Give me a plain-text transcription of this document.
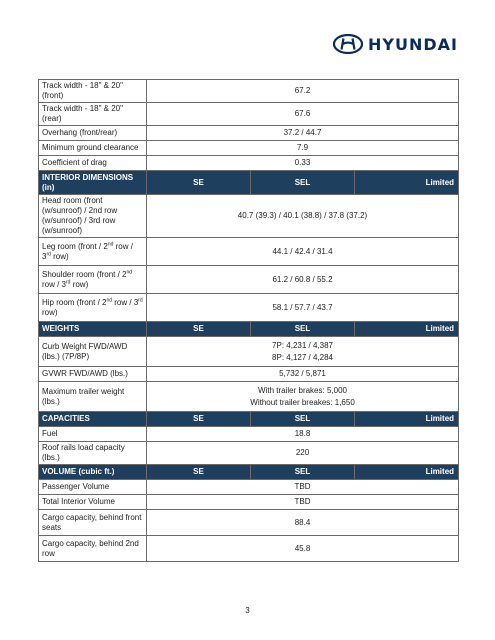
HYUNDAI
Track width - 18" & 20" (front)	67.2		
Track width - 18" & 20" (rear)	67.6		
Overhang (front/rear)	37.2 / 44.7		
Minimum ground clearance	7.9		
Coefficient of drag	0.33		
INTERIOR DIMENSIONS (in)	SE	SEL	Limited
Head room (front (w/sunroof) / 2nd row (w/sunroof) / 3rd row (w/sunroof)	40.7 (39.3) / 40.1 (38.8) / 37.8 (37.2)		
Leg room (front / 2nd row / 3rd row)	44.1 / 42.4 / 31.4		
Shoulder room (front / 2nd row / 3rd row)	61.2 / 60.8 / 55.2		
Hip room (front / 2nd row / 3rd row)	58.1 / 57.7 / 43.7		
WEIGHTS	SE	SEL	Limited
Curb Weight FWD/AWD (lbs.) (7P/8P)	7P: 4,231 / 4,387
8P: 4,127 / 4,284		

GVWR FWD/AWD (lbs.)	5,732 / 5,871		
Maximum trailer weight (lbs.)	With trailer brakes: 5,000
Without trailer breakes: 1,650		

CAPACITIES	SE	SEL	Limited
Fuel	18.8		
Roof rails load capacity (lbs.)	220		
VOLUME (cubic ft.)	SE	SEL	Limited
Passenger Volume	TBD		
Total Interior Volume	TBD		
Cargo capacity, behind front seats	88.4		
Cargo capacity, behind 2nd row	45.8		
3
